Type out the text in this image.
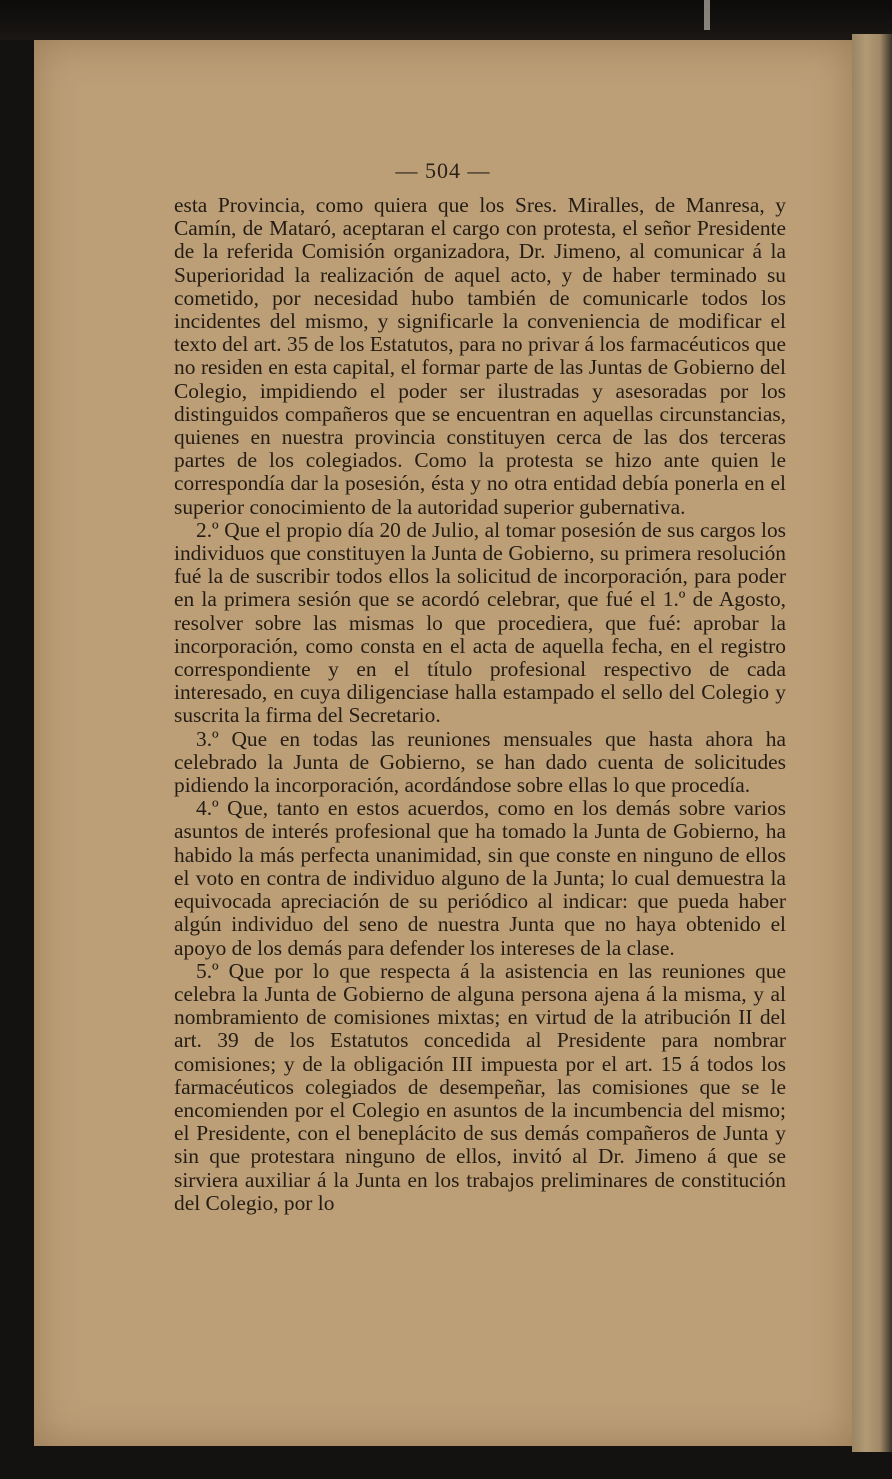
— 504 —

esta Provincia, como quiera que los Sres. Miralles, de Manresa, y Camín, de Mataró, aceptaran el cargo con protesta, el señor Presidente de la referida Comisión organizadora, Dr. Jimeno, al comunicar á la Superioridad la realización de aquel acto, y de haber terminado su cometido, por necesidad hubo también de comunicarle todos los incidentes del mismo, y significarle la conveniencia de modificar el texto del art. 35 de los Estatutos, para no privar á los farmacéuticos que no residen en esta capital, el formar parte de las Juntas de Gobierno del Colegio, impidiendo el poder ser ilustradas y asesoradas por los distinguidos compañeros que se encuentran en aquellas circunstancias, quienes en nuestra provincia constituyen cerca de las dos terceras partes de los colegiados. Como la protesta se hizo ante quien le correspondía dar la posesión, ésta y no otra entidad debía ponerla en el superior conocimiento de la autoridad superior gubernativa.

2.º Que el propio día 20 de Julio, al tomar posesión de sus cargos los individuos que constituyen la Junta de Gobierno, su primera resolución fué la de suscribir todos ellos la solicitud de incorporación, para poder en la primera sesión que se acordó celebrar, que fué el 1.º de Agosto, resolver sobre las mismas lo que procediera, que fué: aprobar la incorporación, como consta en el acta de aquella fecha, en el registro correspondiente y en el título profesional respectivo de cada interesado, en cuya diligenciase halla estampado el sello del Colegio y suscrita la firma del Secretario.

3.º Que en todas las reuniones mensuales que hasta ahora ha celebrado la Junta de Gobierno, se han dado cuenta de solicitudes pidiendo la incorporación, acordándose sobre ellas lo que procedía.

4.º Que, tanto en estos acuerdos, como en los demás sobre varios asuntos de interés profesional que ha tomado la Junta de Gobierno, ha habido la más perfecta unanimidad, sin que conste en ninguno de ellos el voto en contra de individuo alguno de la Junta; lo cual demuestra la equivocada apreciación de su periódico al indicar: que pueda haber algún individuo del seno de nuestra Junta que no haya obtenido el apoyo de los demás para defender los intereses de la clase.

5.º Que por lo que respecta á la asistencia en las reuniones que celebra la Junta de Gobierno de alguna persona ajena á la misma, y al nombramiento de comisiones mixtas; en virtud de la atribución II del art. 39 de los Estatutos concedida al Presidente para nombrar comisiones; y de la obligación III impuesta por el art. 15 á todos los farmacéuticos colegiados de desempeñar, las comisiones que se le encomienden por el Colegio en asuntos de la incumbencia del mismo; el Presidente, con el beneplácito de sus demás compañeros de Junta y sin que protestara ninguno de ellos, invitó al Dr. Jimeno á que se sirviera auxiliar á la Junta en los trabajos preliminares de constitución del Colegio, por lo
